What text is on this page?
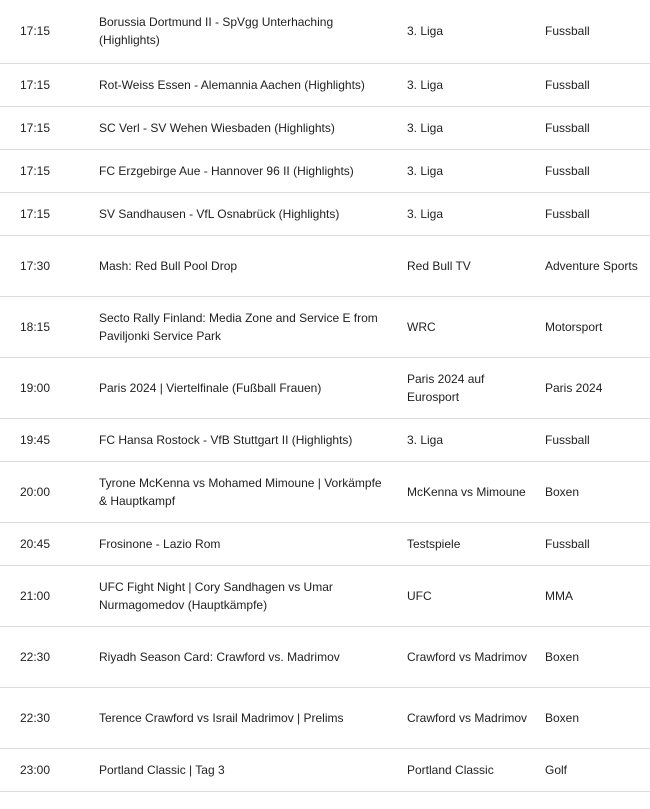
17:15	Borussia Dortmund II - SpVgg Unterhaching (Highlights)	3. Liga	Fussball
17:15	Rot-Weiss Essen - Alemannia Aachen (Highlights)	3. Liga	Fussball
17:15	SC Verl - SV Wehen Wiesbaden (Highlights)	3. Liga	Fussball
17:15	FC Erzgebirge Aue - Hannover 96 II (Highlights)	3. Liga	Fussball
17:15	SV Sandhausen - VfL Osnabrück (Highlights)	3. Liga	Fussball
17:30	Mash: Red Bull Pool Drop	Red Bull TV	Adventure Sports
18:15	Secto Rally Finland: Media Zone and Service E from Paviljonki Service Park	WRC	Motorsport
19:00	Paris 2024 | Viertelfinale (Fußball Frauen)	Paris 2024 auf Eurosport	Paris 2024
19:45	FC Hansa Rostock - VfB Stuttgart II (Highlights)	3. Liga	Fussball
20:00	Tyrone McKenna vs Mohamed Mimoune | Vorkämpfe & Hauptkampf	McKenna vs Mimoune	Boxen
20:45	Frosinone - Lazio Rom	Testspiele	Fussball
21:00	UFC Fight Night | Cory Sandhagen vs Umar Nurmagomedov (Hauptkämpfe)	UFC	MMA
22:30	Riyadh Season Card: Crawford vs. Madrimov	Crawford vs Madrimov	Boxen
22:30	Terence Crawford vs Israil Madrimov | Prelims	Crawford vs Madrimov	Boxen
23:00	Portland Classic | Tag 3	Portland Classic	Golf
